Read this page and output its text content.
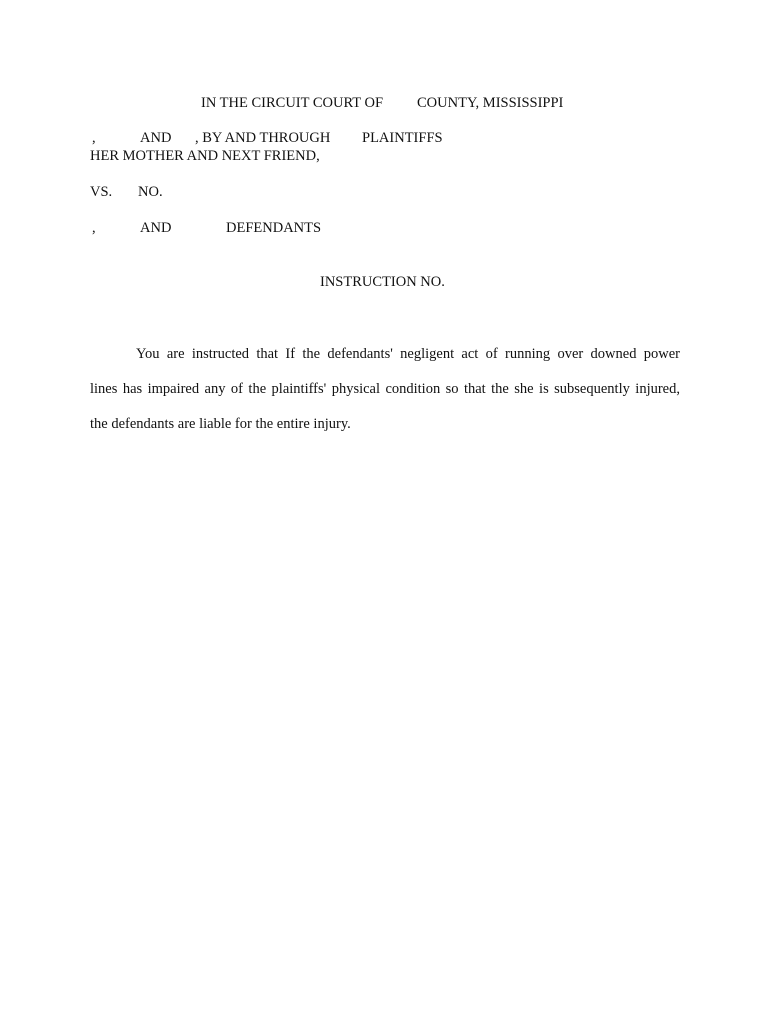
IN THE CIRCUIT COURT OF COUNTY, MISSISSIPPI
,	AND , BY AND THROUGH PLAINTIFFS
HER MOTHER AND NEXT FRIEND,
VS. NO.
,	AND	DEFENDANTS
INSTRUCTION NO.
You are instructed that If the defendants' negligent act of running over downed power
lines has impaired any of the plaintiffs' physical condition so that the she is subsequently injured,
the defendants are liable for the entire injury.
